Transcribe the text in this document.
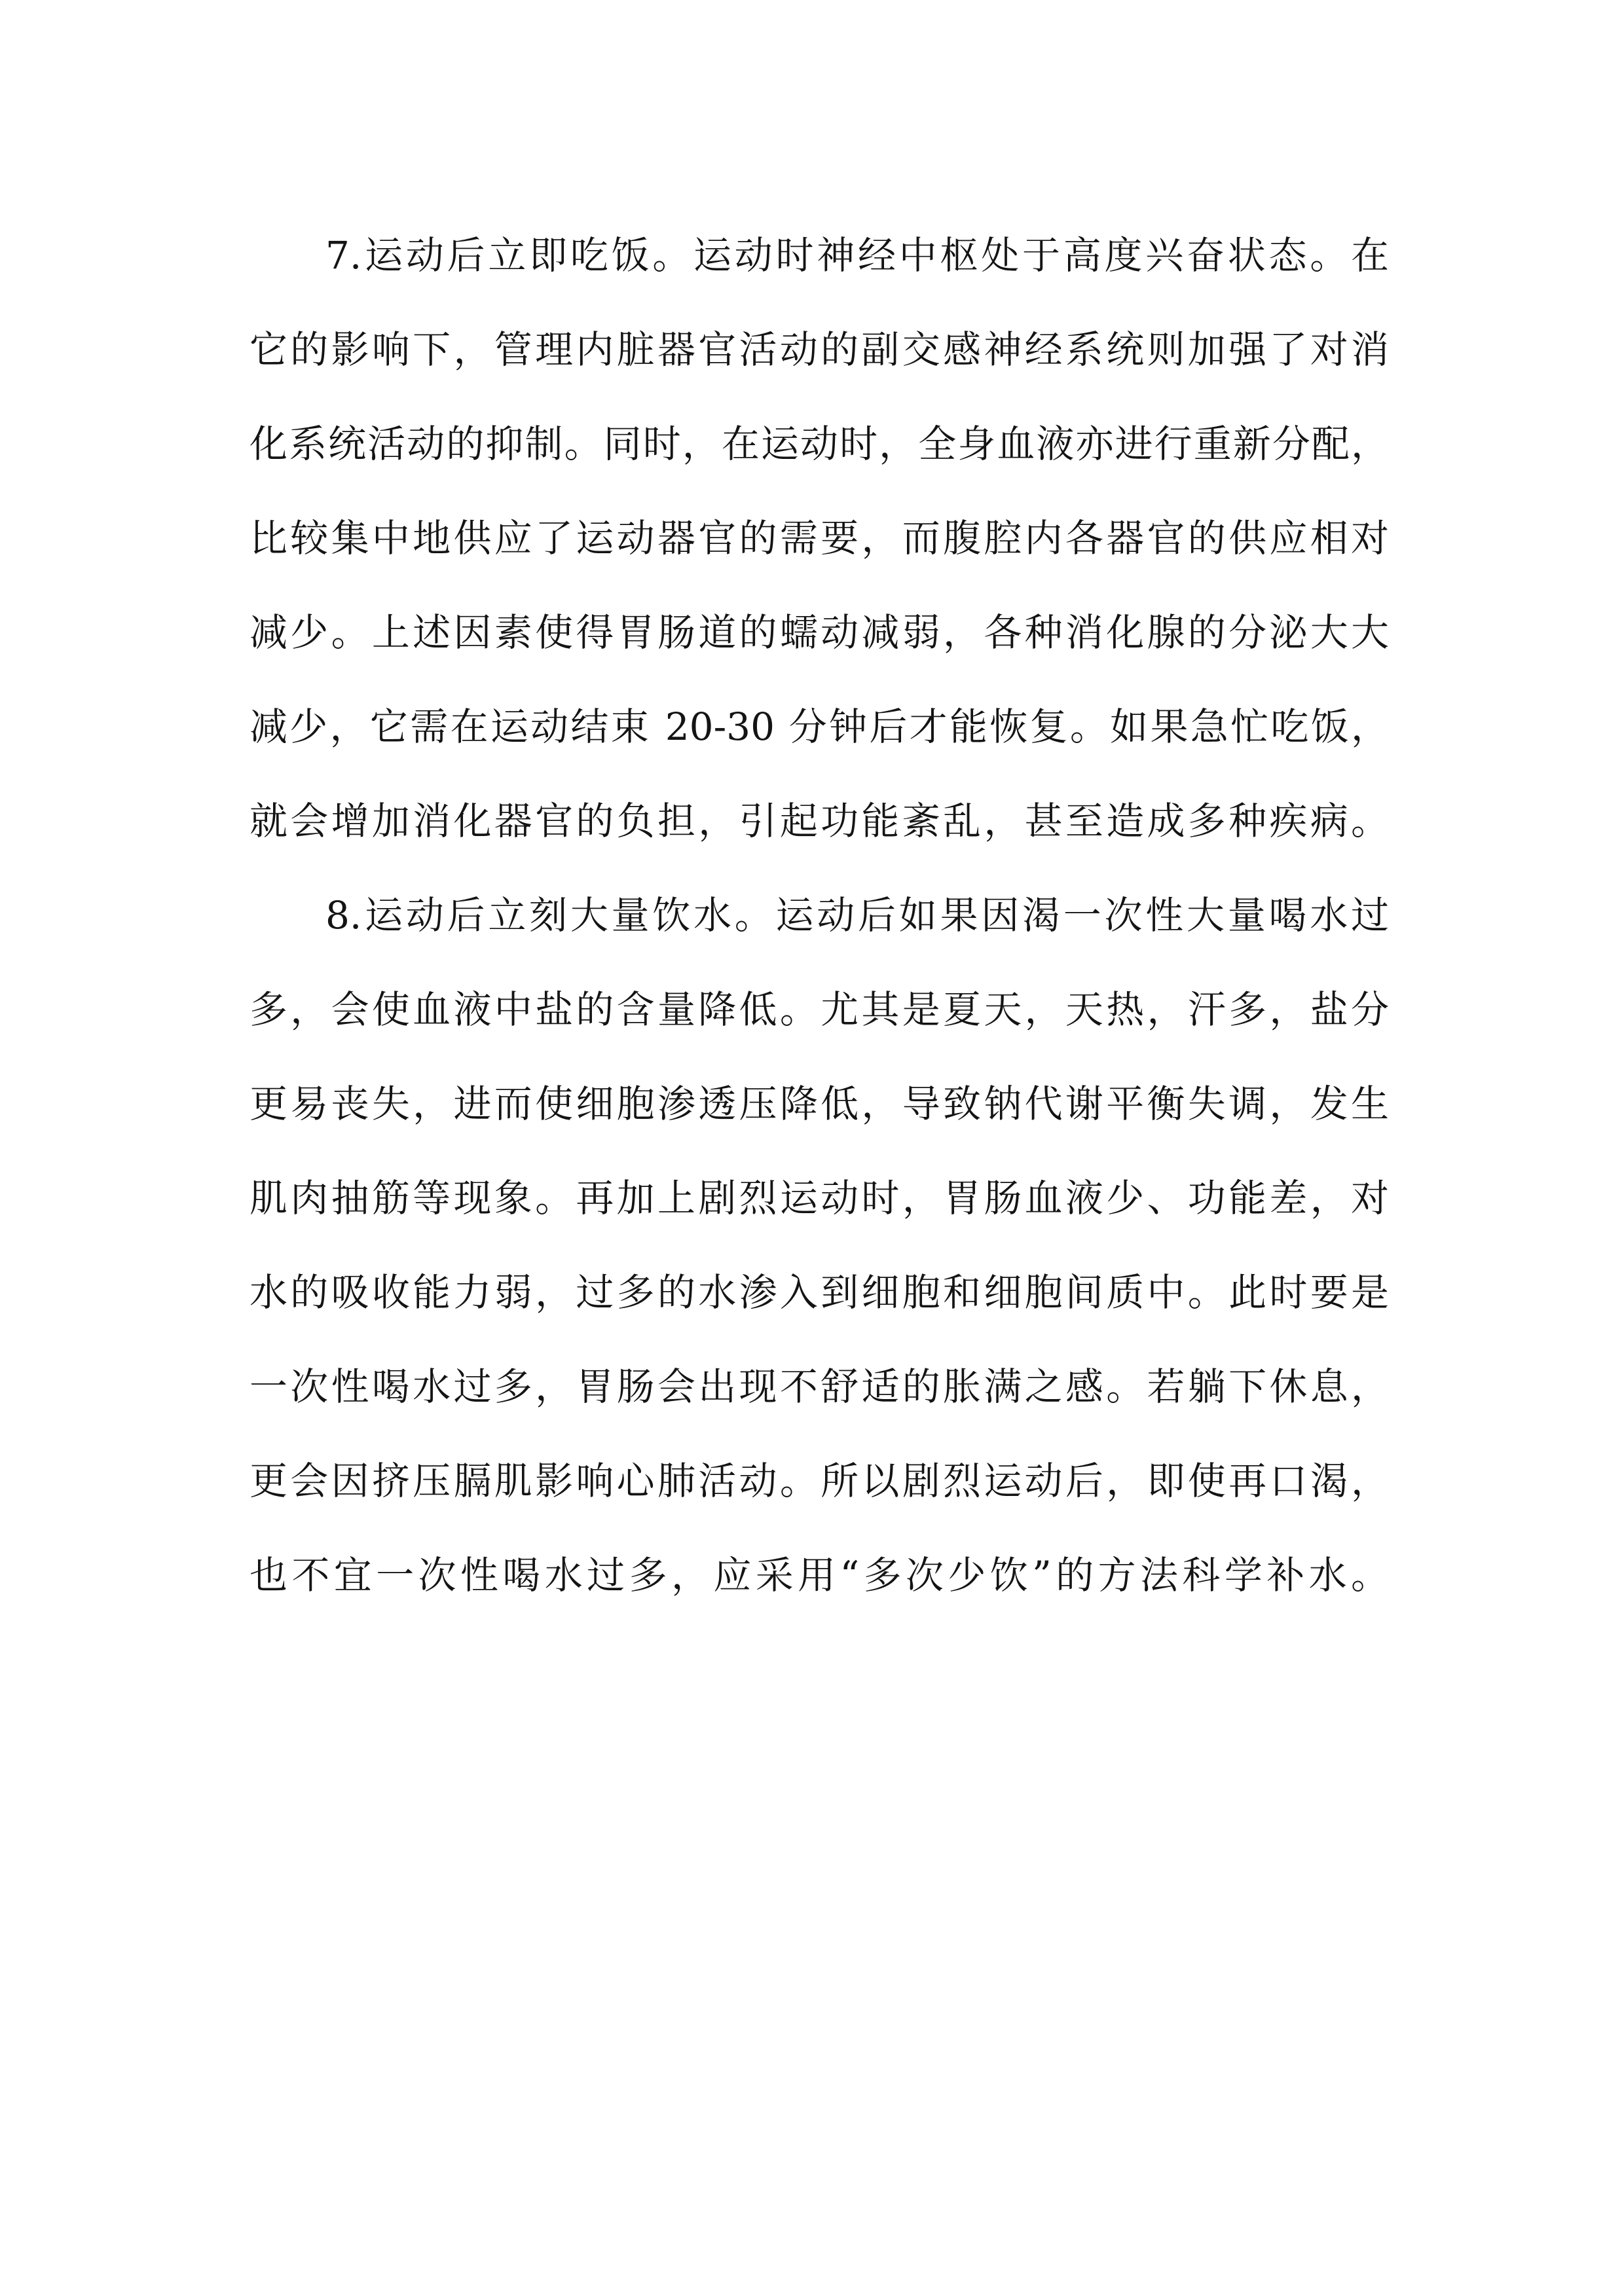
7.运动后立即吃饭。运动时神经中枢处于高度兴奋状态。在
它的影响下，管理内脏器官活动的副交感神经系统则加强了对消
化系统活动的抑制。同时，在运动时，全身血液亦进行重新分配，
比较集中地供应了运动器官的需要，而腹腔内各器官的供应相对
减少。上述因素使得胃肠道的蠕动减弱，各种消化腺的分泌大大
减少，它需在运动结束 20-30 分钟后才能恢复。如果急忙吃饭，
就会增加消化器官的负担，引起功能紊乱，甚至造成多种疾病。
8.运动后立刻大量饮水。运动后如果因渴一次性大量喝水过
多，会使血液中盐的含量降低。尤其是夏天，天热，汗多，盐分
更易丧失，进而使细胞渗透压降低，导致钠代谢平衡失调，发生
肌肉抽筋等现象。再加上剧烈运动时，胃肠血液少、功能差，对
水的吸收能力弱，过多的水渗入到细胞和细胞间质中。此时要是
一次性喝水过多，胃肠会出现不舒适的胀满之感。若躺下休息，
更会因挤压膈肌影响心肺活动。所以剧烈运动后，即使再口渴，
也不宜一次性喝水过多，应采用“多次少饮”的方法科学补水。
